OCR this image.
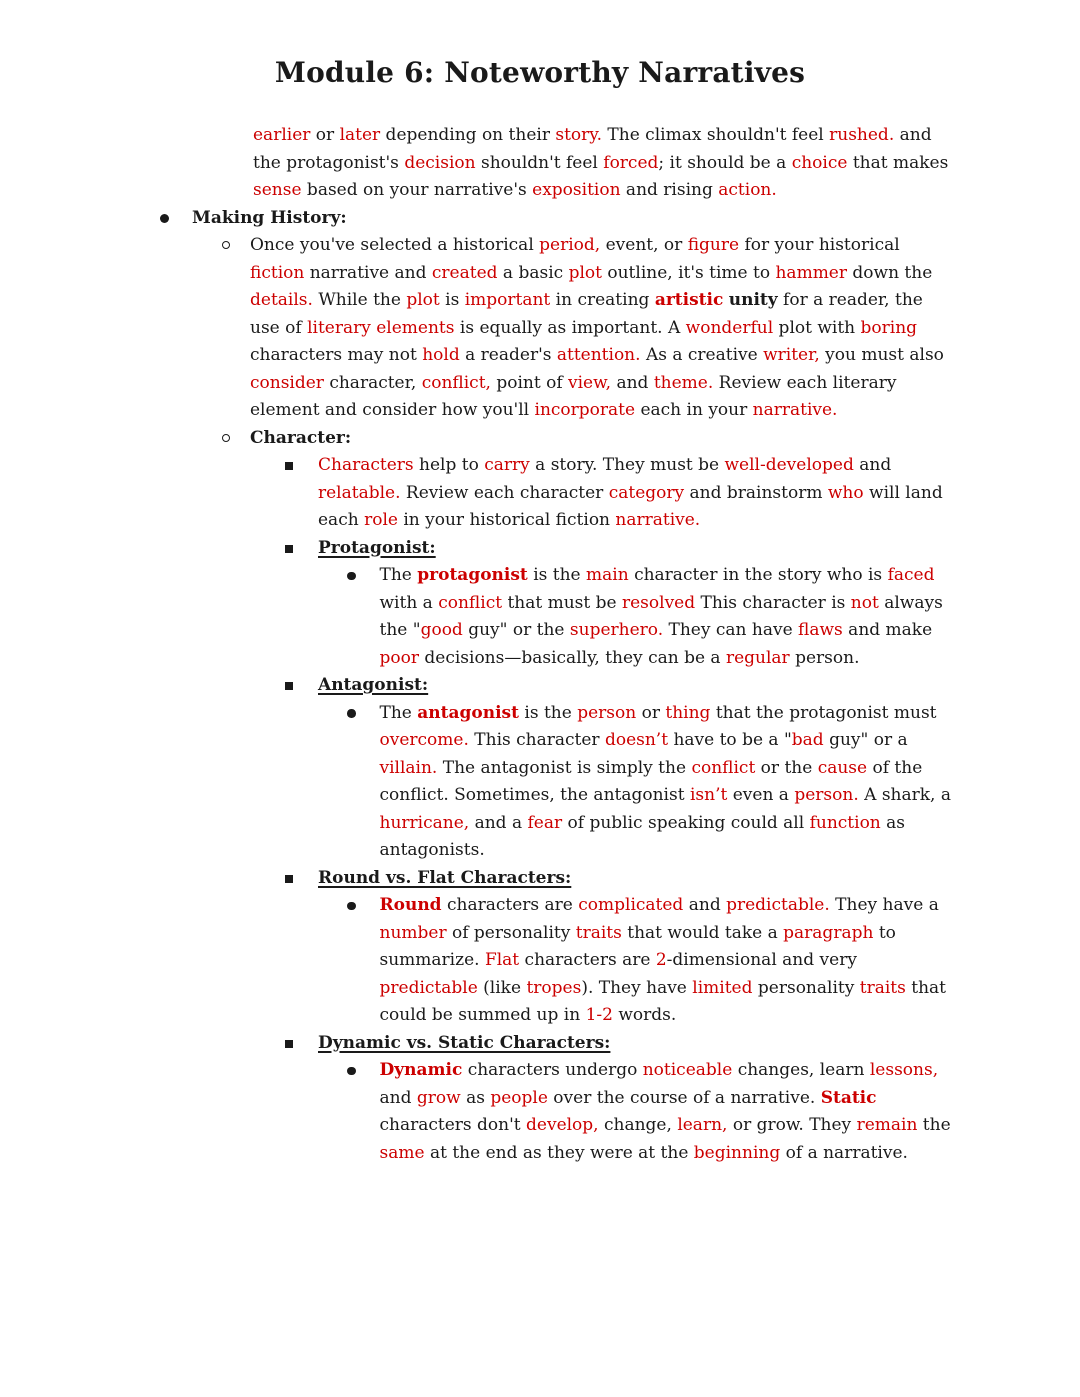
Module 6: Noteworthy Narratives
earlier or later depending on their story. The climax shouldn't feel rushed. and the protagonist's decision shouldn't feel forced; it should be a choice that makes sense based on your narrative's exposition and rising action.
Making History:
Once you've selected a historical period, event, or figure for your historical fiction narrative and created a basic plot outline, it's time to hammer down the details. While the plot is important in creating artistic unity for a reader, the use of literary elements is equally as important. A wonderful plot with boring characters may not hold a reader's attention. As a creative writer, you must also consider character, conflict, point of view, and theme. Review each literary element and consider how you'll incorporate each in your narrative.
Character:
Characters help to carry a story. They must be well-developed and relatable. Review each character category and brainstorm who will land each role in your historical fiction narrative.
Protagonist:
The protagonist is the main character in the story who is faced with a conflict that must be resolved This character is not always the "good guy" or the superhero. They can have flaws and make poor decisions—basically, they can be a regular person.
Antagonist:
The antagonist is the person or thing that the protagonist must overcome. This character doesn’t have to be a "bad guy" or a villain. The antagonist is simply the conflict or the cause of the conflict. Sometimes, the antagonist isn’t even a person. A shark, a hurricane, and a fear of public speaking could all function as antagonists.
Round vs. Flat Characters:
Round characters are complicated and predictable. They have a number of personality traits that would take a paragraph to summarize. Flat characters are 2-dimensional and very predictable (like tropes). They have limited personality traits that could be summed up in 1-2 words.
Dynamic vs. Static Characters:
Dynamic characters undergo noticeable changes, learn lessons, and grow as people over the course of a narrative. Static characters don't develop, change, learn, or grow. They remain the same at the end as they were at the beginning of a narrative.
